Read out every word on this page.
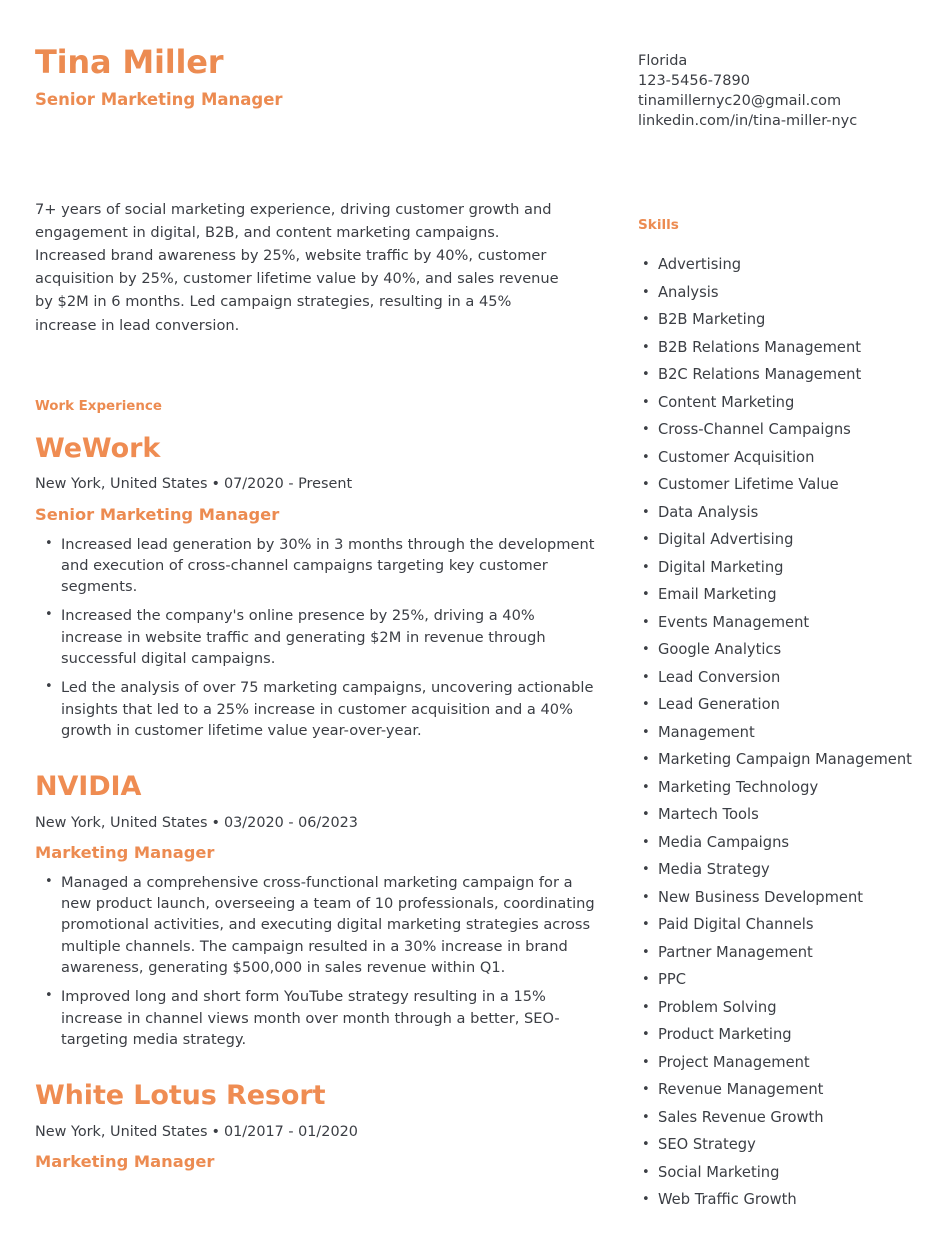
Tina Miller
Senior Marketing Manager

7+ years of social marketing experience, driving customer growth and engagement in digital, B2B, and content marketing campaigns. Increased brand awareness by 25%, website traffic by 40%, customer acquisition by 25%, customer lifetime value by 40%, and sales revenue by $2M in 6 months. Led campaign strategies, resulting in a 45% increase in lead conversion.

Work Experience
WeWork
New York, United States • 07/2020 - Present
Senior Marketing Manager
• Increased lead generation by 30% in 3 months through the development and execution of cross-channel campaigns targeting key customer segments.
• Increased the company's online presence by 25%, driving a 40% increase in website traffic and generating $2M in revenue through successful digital campaigns.
• Led the analysis of over 75 marketing campaigns, uncovering actionable insights that led to a 25% increase in customer acquisition and a 40% growth in customer lifetime value year-over-year.
NVIDIA
New York, United States • 03/2020 - 06/2023
Marketing Manager
• Managed a comprehensive cross-functional marketing campaign for a new product launch, overseeing a team of 10 professionals, coordinating promotional activities, and executing digital marketing strategies across multiple channels. The campaign resulted in a 30% increase in brand awareness, generating $500,000 in sales revenue within Q1.
• Improved long and short form YouTube strategy resulting in a 15% increase in channel views month over month through a better, SEO-targeting media strategy.
White Lotus Resort
New York, United States • 01/2017 - 01/2020
Marketing Manager
Florida
123-5456-7890
tinamillernyc20@gmail.com
linkedin.com/in/tina-miller-nyc
Skills
• Advertising
• Analysis
• B2B Marketing
• B2B Relations Management
• B2C Relations Management
• Content Marketing
• Cross-Channel Campaigns
• Customer Acquisition
• Customer Lifetime Value
• Data Analysis
• Digital Advertising
• Digital Marketing
• Email Marketing
• Events Management
• Google Analytics
• Lead Conversion
• Lead Generation
• Management
• Marketing Campaign Management
• Marketing Technology
• Martech Tools
• Media Campaigns
• Media Strategy
• New Business Development
• Paid Digital Channels
• Partner Management
• PPC
• Problem Solving
• Product Marketing
• Project Management
• Revenue Management
• Sales Revenue Growth
• SEO Strategy
• Social Marketing
• Web Traffic Growth
